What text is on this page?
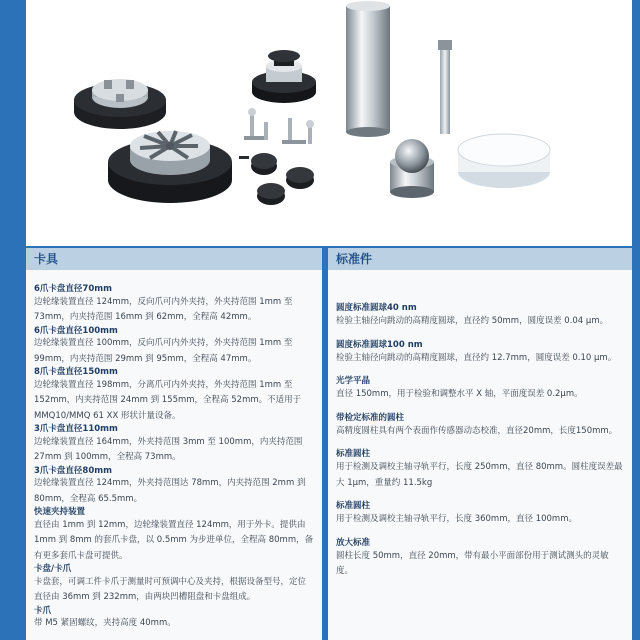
卡具
6爪卡盘直径70mm
边轮缘装置直径 124mm，反向爪可内外夹持，外夹持范围 1mm 至 73mm，内夹持范围 16mm 到 62mm，全程高 42mm。
6爪卡盘直径100mm
边轮缘装置直径 100mm，反向爪可内外夹持，外夹持范围 1mm 至 99mm，内夹持范围 29mm 到 95mm，全程高 47mm。
8爪卡盘直径150mm
边轮缘装置直径 198mm，分离爪可内外夹持，外夹持范围 1mm 至 152mm，内夹持范围 24mm 到 155mm，全程高 52mm。不适用于 MMQ10/MMQ 61 XX 形状计量设备。
3爪卡盘直径110mm
边轮缘装置直径 164mm，外夹持范围 3mm 至 100mm，内夹持范围 27mm 到 100mm，全程高 73mm。
3爪卡盘直径80mm
边轮缘装置直径 124mm，外夹持范围达 78mm，内夹持范围 2mm 到 80mm，全程高 65.5mm。
快速夹持装置
直径由 1mm 到 12mm，边轮缘装置直径 124mm，用于外卡。提供由 1mm 到 8mm 的套爪卡盘，以 0.5mm 为步进单位，全程高 80mm，备有更多套爪卡盘可提供。
卡盘/卡爪
卡盘套，可调工件卡爪于测量时可预调中心及夹持，根据设备型号，定位直径由 36mm 到 232mm，由两块凹槽阻盘和卡盘组成。
卡爪
带 M5 紧固螺纹，夹持高度 40mm。
标准件
圆度标准圆球40 nm
检验主轴径向跳动的高精度圆球，直径约 50mm，圆度误差 0.04 μm。
圆度标准圆球100 nm
检验主轴径向跳动的高精度圆球，直径约 12.7mm，圆度误差 0.10 μm。
光学平晶
直径 150mm，用于检验和调整水平 X 轴，平面度误差 0.2μm。
带检定标准的圆柱
高精度圆柱具有两个表面作传感器动态校准，直径20mm，长度150mm。
标准圆柱
用于检测及调校主轴寻轨平行，长度 250mm，直径 80mm。圆柱度误差最大 1μm，重量约 11.5kg
标准圆柱
用于检测及调校主轴寻轨平行，长度 360mm，直径 100mm。
放大标准
圆柱长度 50mm，直径 20mm，带有最小平面部份用于测试测头的灵敏度。
